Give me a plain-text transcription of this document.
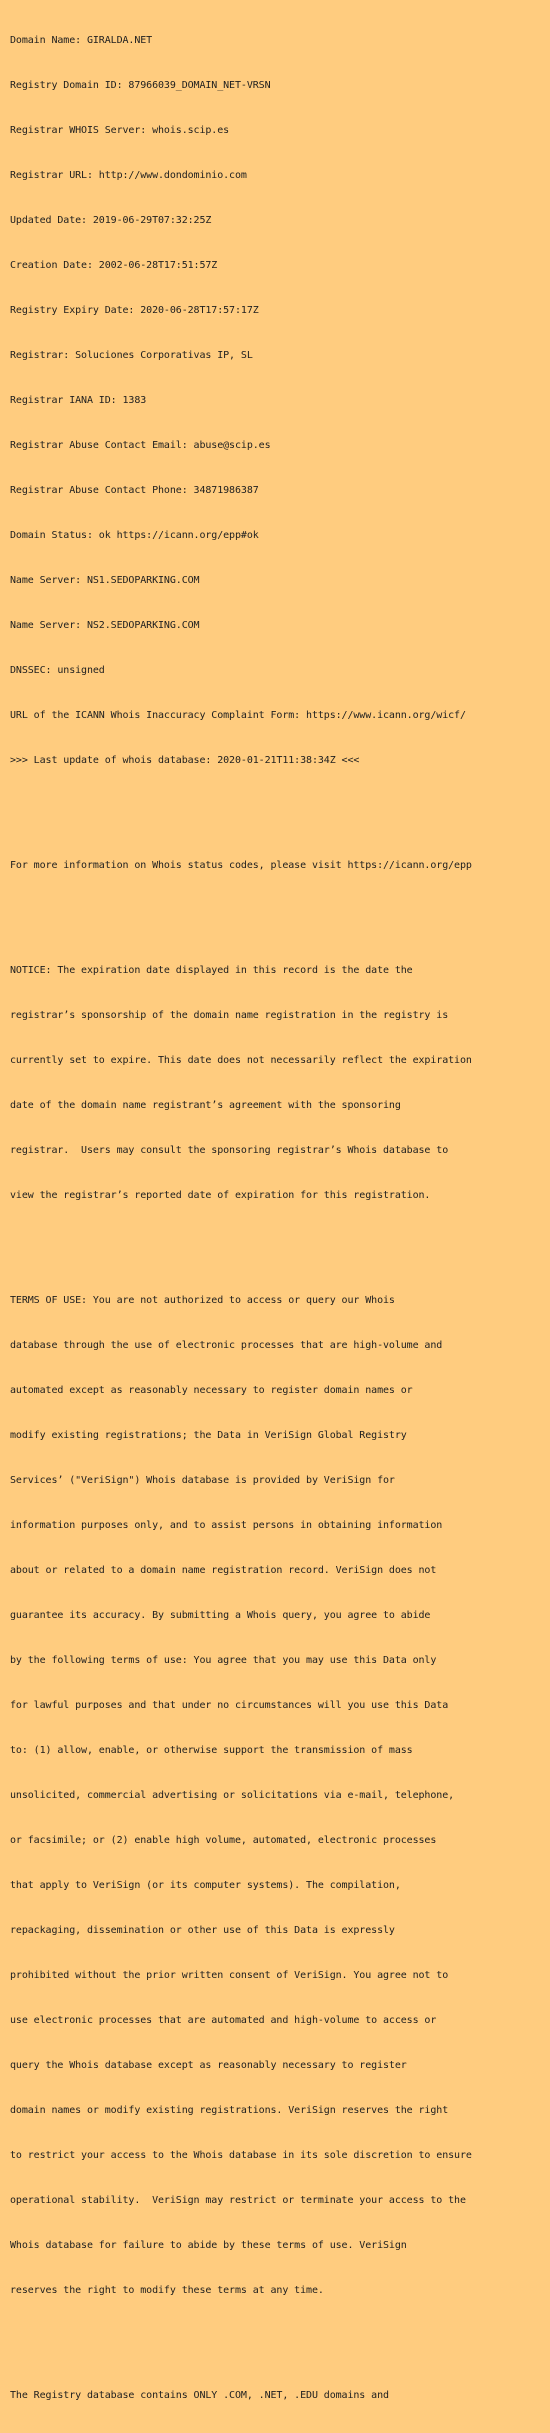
Domain Name: GIRALDA.NET

Registry Domain ID: 87966039_DOMAIN_NET-VRSN

Registrar WHOIS Server: whois.scip.es

Registrar URL: http://www.dondominio.com

Updated Date: 2019-06-29T07:32:25Z

Creation Date: 2002-06-28T17:51:57Z

Registry Expiry Date: 2020-06-28T17:57:17Z

Registrar: Soluciones Corporativas IP, SL

Registrar IANA ID: 1383

Registrar Abuse Contact Email: abuse@scip.es

Registrar Abuse Contact Phone: 34871986387

Domain Status: ok https://icann.org/epp#ok

Name Server: NS1.SEDOPARKING.COM

Name Server: NS2.SEDOPARKING.COM

DNSSEC: unsigned

URL of the ICANN Whois Inaccuracy Complaint Form: https://www.icann.org/wicf/

>>> Last update of whois database: 2020-01-21T11:38:34Z <<<

For more information on Whois status codes, please visit https://icann.org/epp

NOTICE: The expiration date displayed in this record is the date the

registrar’s sponsorship of the domain name registration in the registry is

currently set to expire. This date does not necessarily reflect the expiration

date of the domain name registrant’s agreement with the sponsoring

registrar.  Users may consult the sponsoring registrar’s Whois database to

view the registrar’s reported date of expiration for this registration.

TERMS OF USE: You are not authorized to access or query our Whois

database through the use of electronic processes that are high-volume and

automated except as reasonably necessary to register domain names or

modify existing registrations; the Data in VeriSign Global Registry

Services’ ("VeriSign") Whois database is provided by VeriSign for

information purposes only, and to assist persons in obtaining information

about or related to a domain name registration record. VeriSign does not

guarantee its accuracy. By submitting a Whois query, you agree to abide

by the following terms of use: You agree that you may use this Data only

for lawful purposes and that under no circumstances will you use this Data

to: (1) allow, enable, or otherwise support the transmission of mass

unsolicited, commercial advertising or solicitations via e-mail, telephone,

or facsimile; or (2) enable high volume, automated, electronic processes

that apply to VeriSign (or its computer systems). The compilation,

repackaging, dissemination or other use of this Data is expressly

prohibited without the prior written consent of VeriSign. You agree not to

use electronic processes that are automated and high-volume to access or

query the Whois database except as reasonably necessary to register

domain names or modify existing registrations. VeriSign reserves the right

to restrict your access to the Whois database in its sole discretion to ensure

operational stability.  VeriSign may restrict or terminate your access to the

Whois database for failure to abide by these terms of use. VeriSign

reserves the right to modify these terms at any time.

The Registry database contains ONLY .COM, .NET, .EDU domains and
